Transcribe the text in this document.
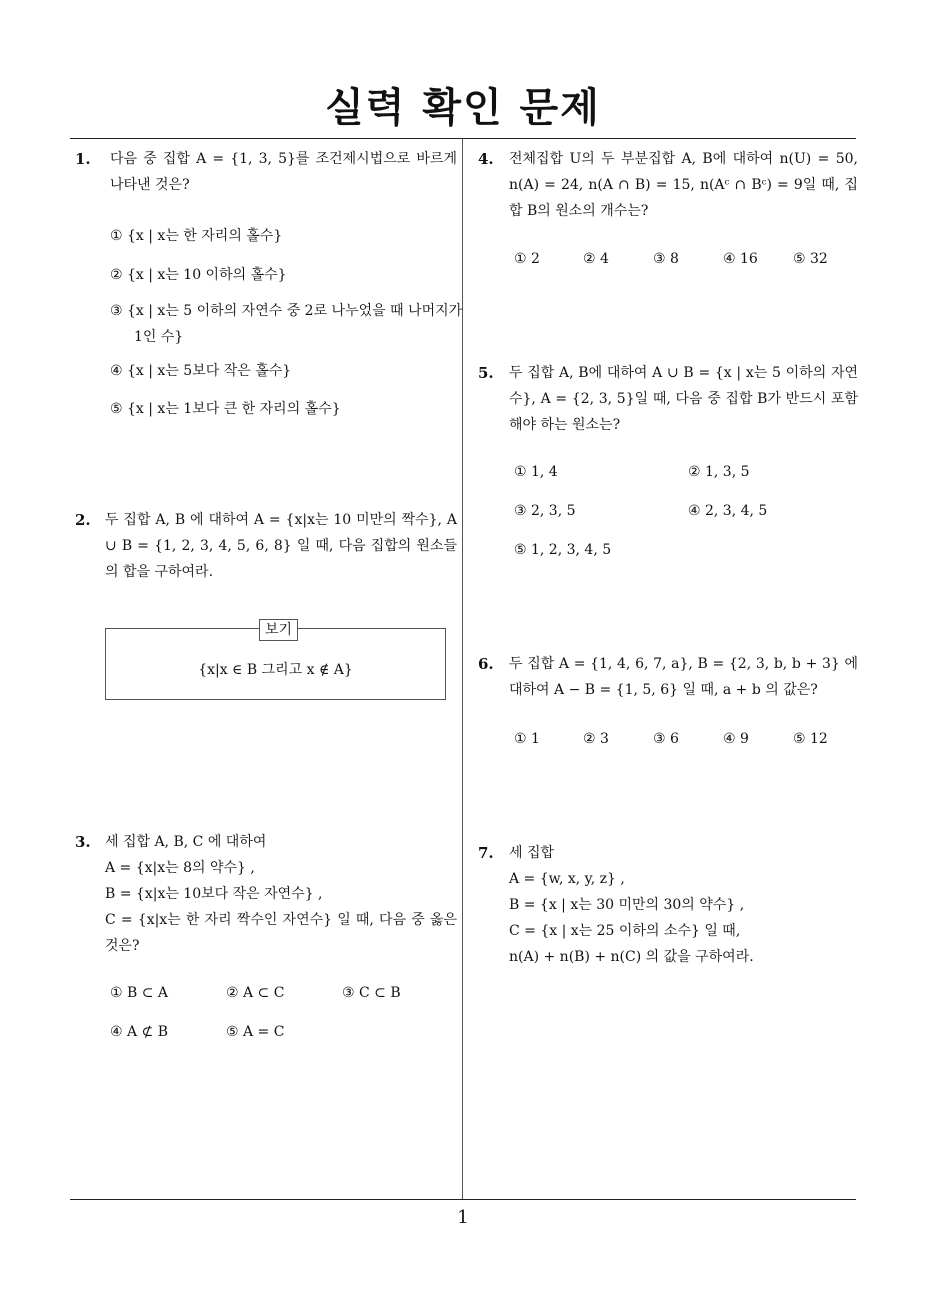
실력 확인 문제
1. 다음 중 집합 A = {1, 3, 5}를 조건제시법으로 바르게 나타낸 것은?
① {x | x는 한 자리의 홀수}
② {x | x는 10 이하의 홀수}
③ {x | x는 5 이하의 자연수 중 2로 나누었을 때 나머지가 1인 수}
④ {x | x는 5보다 작은 홀수}
⑤ {x | x는 1보다 큰 한 자리의 홀수}
2. 두 집합 A, B 에 대하여 A = {x|x는 10 미만의 짝수}, A ∪ B = {1, 2, 3, 4, 5, 6, 8} 일 때, 다음 집합의 원소들의 합을 구하여라.
보기
{x|x ∈ B 그리고 x ∉ A}
3. 세 집합 A, B, C 에 대하여
A = {x|x는 8의 약수} ,
B = {x|x는 10보다 작은 자연수} ,
C = {x|x는 한 자리 짝수인 자연수} 일 때, 다음 중 옳은 것은?
① B ⊂ A	② A ⊂ C	③ C ⊂ B
④ A ⊄ B	⑤ A = C
4. 전체집합 U의 두 부분집합 A, B에 대하여 n(U) = 50, n(A) = 24, n(A ∩ B) = 15, n(Aᶜ ∩ Bᶜ) = 9일 때, 집합 B의 원소의 개수는?
① 2	② 4	③ 8	④ 16	⑤ 32
5. 두 집합 A, B에 대하여 A ∪ B = {x | x는 5 이하의 자연수}, A = {2, 3, 5}일 때, 다음 중 집합 B가 반드시 포함해야 하는 원소는?
① 1, 4	② 1, 3, 5
③ 2, 3, 5	④ 2, 3, 4, 5
⑤ 1, 2, 3, 4, 5
6. 두 집합 A = {1, 4, 6, 7, a}, B = {2, 3, b, b + 3} 에 대하여 A − B = {1, 5, 6} 일 때, a + b 의 값은?
① 1	② 3	③ 6	④ 9	⑤ 12
7. 세 집합
A = {w, x, y, z} ,
B = {x | x는 30 미만의 30의 약수} ,
C = {x | x는 25 이하의 소수} 일 때,
n(A) + n(B) + n(C) 의 값을 구하여라.
1
